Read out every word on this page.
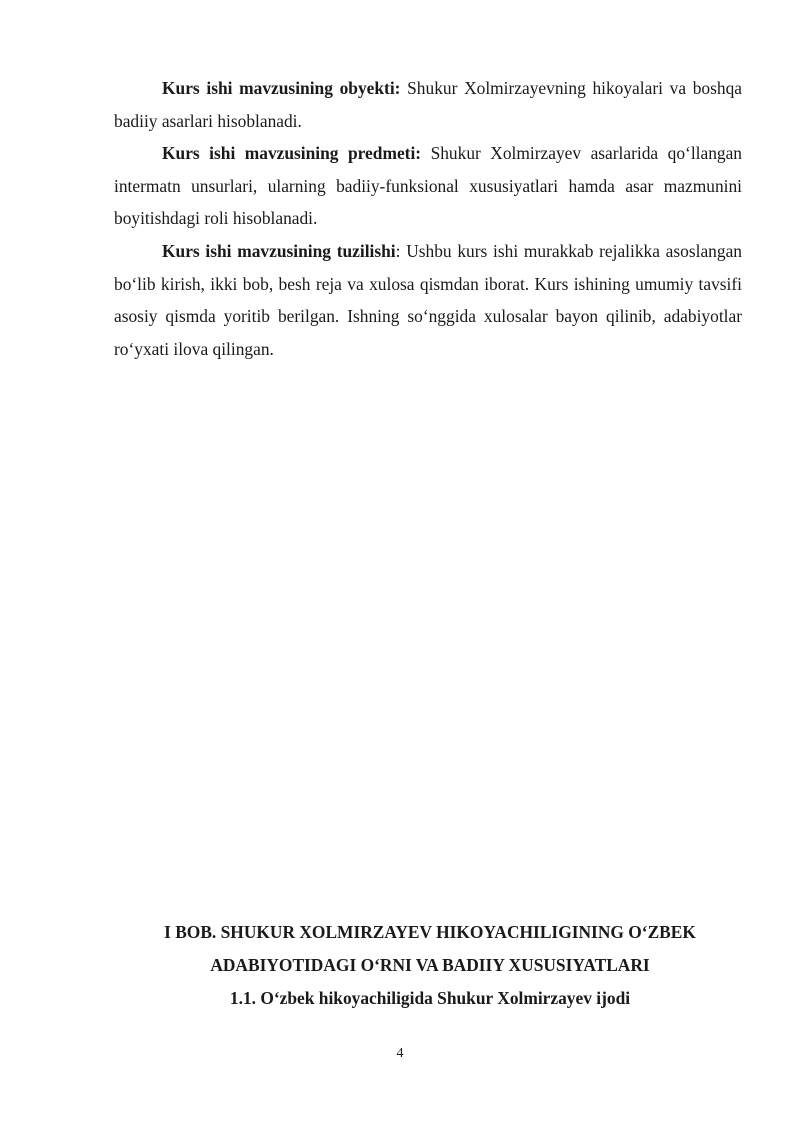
Kurs ishi mavzusining obyekti: Shukur Xolmirzayevning hikoyalari va boshqa badiiy asarlari hisoblanadi.

Kurs ishi mavzusining predmeti: Shukur Xolmirzayev asarlarida qo‘llangan intermatn unsurlari, ularning badiiy-funksional xususiyatlari hamda asar mazmunini boyitishdagi roli hisoblanadi.

Kurs ishi mavzusining tuzilishi: Ushbu kurs ishi murakkab rejalikka asoslangan bo‘lib kirish, ikki bob, besh reja va xulosa qismdan iborat. Kurs ishining umumiy tavsifi asosiy qismda yoritib berilgan. Ishning so‘nggida xulosalar bayon qilinib, adabiyotlar ro‘yxati ilova qilingan.

I BOB. SHUKUR XOLMIRZAYEV HIKOYACHILIGINING O‘ZBEK
ADABIYOTIDAGI O‘RNI VA BADIIY XUSUSIYATLARI
1.1. O‘zbek hikoyachiligida Shukur Xolmirzayev ijodi
4
